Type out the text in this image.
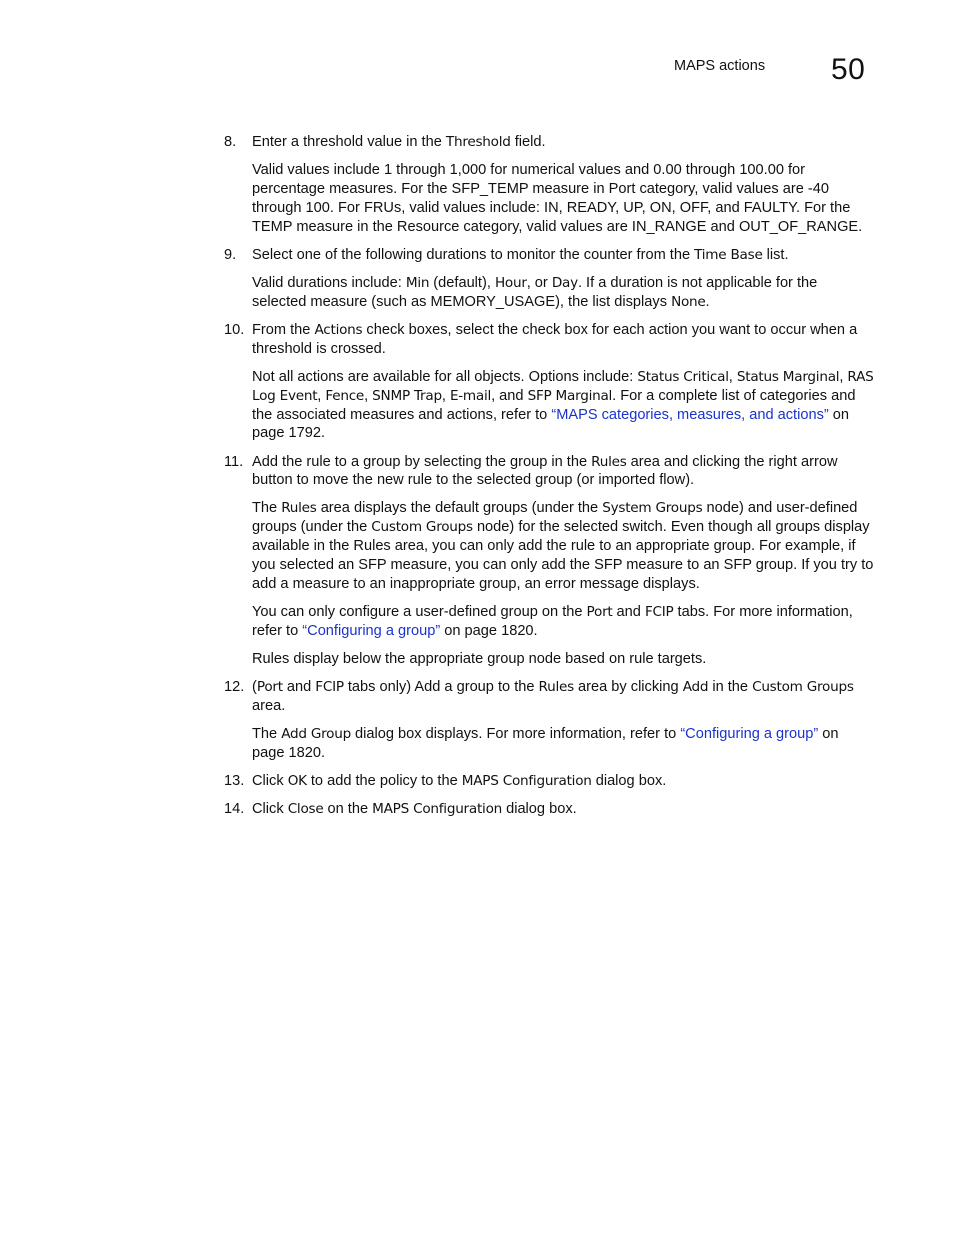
MAPS actions 50
8.	Enter a threshold value in the Threshold field.

Valid values include 1 through 1,000 for numerical values and 0.00 through 100.00 for percentage measures. For the SFP_TEMP measure in Port category, valid values are -40 through 100. For FRUs, valid values include: IN, READY, UP, ON, OFF, and FAULTY. For the TEMP measure in the Resource category, valid values are IN_RANGE and OUT_OF_RANGE.

9.	Select one of the following durations to monitor the counter from the Time Base list.

Valid durations include: Min (default), Hour, or Day. If a duration is not applicable for the selected measure (such as MEMORY_USAGE), the list displays None.

10. From the Actions check boxes, select the check box for each action you want to occur when a threshold is crossed.

Not all actions are available for all objects. Options include: Status Critical, Status Marginal, RAS Log Event, Fence, SNMP Trap, E-mail, and SFP Marginal. For a complete list of categories and the associated measures and actions, refer to “MAPS categories, measures, and actions” on page 1792.

11. Add the rule to a group by selecting the group in the Rules area and clicking the right arrow button to move the new rule to the selected group (or imported flow).

The Rules area displays the default groups (under the System Groups node) and user-defined groups (under the Custom Groups node) for the selected switch. Even though all groups display available in the Rules area, you can only add the rule to an appropriate group. For example, if you selected an SFP measure, you can only add the SFP measure to an SFP group. If you try to add a measure to an inappropriate group, an error message displays.

You can only configure a user-defined group on the Port and FCIP tabs. For more information, refer to “Configuring a group” on page 1820.

Rules display below the appropriate group node based on rule targets.

12. (Port and FCIP tabs only) Add a group to the Rules area by clicking Add in the Custom Groups area.

The Add Group dialog box displays. For more information, refer to “Configuring a group” on page 1820.

13. Click OK to add the policy to the MAPS Configuration dialog box.

14. Click Close on the MAPS Configuration dialog box.
